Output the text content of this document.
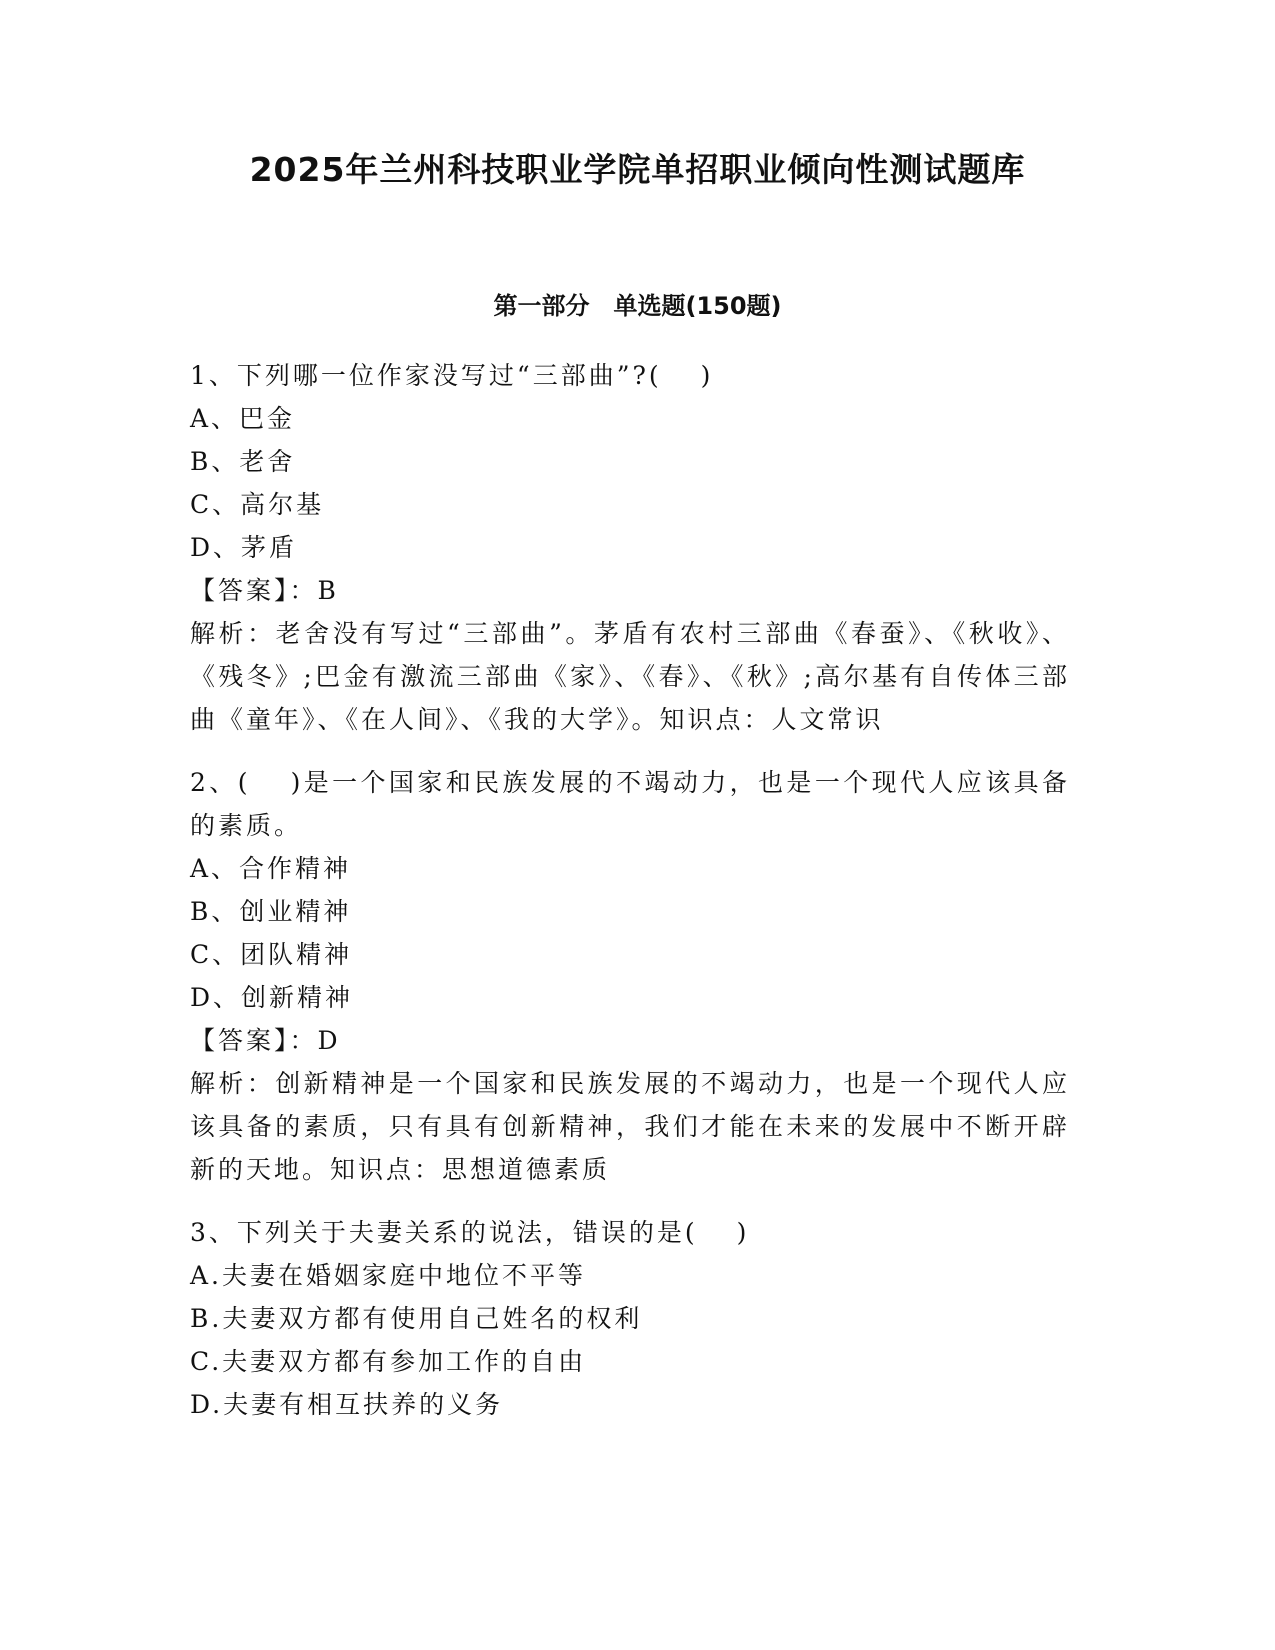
2025年兰州科技职业学院单招职业倾向性测试题库
第一部分　单选题(150题)

1、下列哪一位作家没写过“三部曲”?(　 )

A、巴金

B、老舍

C、高尔基

D、茅盾

【答案】：B

解析：老舍没有写过“三部曲”。茅盾有农村三部曲《春蚕》、《秋收》、《残冬》;巴金有激流三部曲《家》、《春》、《秋》;高尔基有自传体三部曲《童年》、《在人间》、《我的大学》。知识点：人文常识

2、(　 )是一个国家和民族发展的不竭动力，也是一个现代人应该具备的素质。

A、合作精神

B、创业精神

C、团队精神

D、创新精神

【答案】：D

解析：创新精神是一个国家和民族发展的不竭动力，也是一个现代人应该具备的素质，只有具有创新精神，我们才能在未来的发展中不断开辟新的天地。知识点：思想道德素质

3、下列关于夫妻关系的说法，错误的是(　 )

A.夫妻在婚姻家庭中地位不平等

B.夫妻双方都有使用自己姓名的权利

C.夫妻双方都有参加工作的自由

D.夫妻有相互扶养的义务
